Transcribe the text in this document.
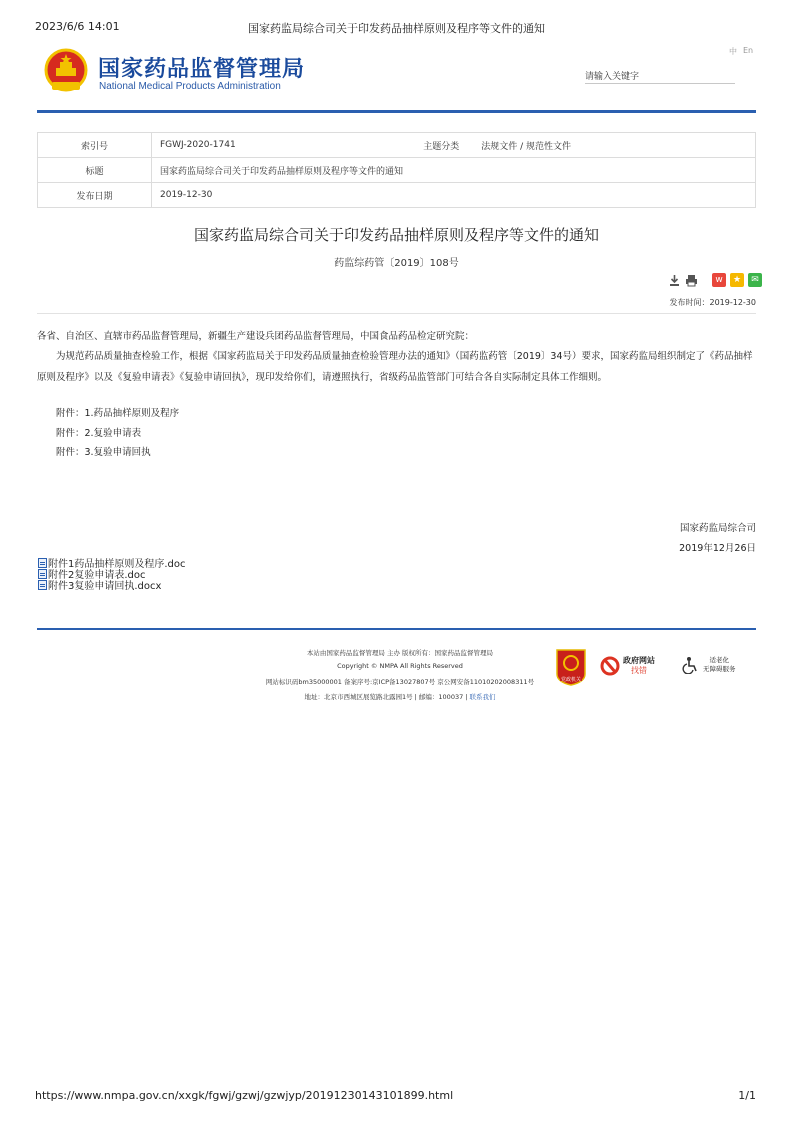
2023/6/6 14:01	国家药监局综合司关于印发药品抽样原则及程序等文件的通知
国家药品监督管理局
National Medical Products Administration
中 En
请输入关键字
索引号	FGWJ-2020-1741	主题分类	法规文件 / 规范性文件
标题	国家药监局综合司关于印发药品抽样原则及程序等文件的通知		
发布日期	2019-12-30		
国家药监局综合司关于印发药品抽样原则及程序等文件的通知
药监综药管〔2019〕108号
w	★	✉
发布时间：2019-12-30
各省、自治区、直辖市药品监督管理局，新疆生产建设兵团药品监督管理局，中国食品药品检定研究院：
为规范药品质量抽查检验工作，根据《国家药监局关于印发药品质量抽查检验管理办法的通知》（国药监药管〔2019〕34号）要求，国家药监局组织制定了《药品抽样原则及程序》以及《复验申请表》《复验申请回执》，现印发给你们，请遵照执行，省级药品监管部门可结合各自实际制定具体工作细则。
附件：1.药品抽样原则及程序
附件：2.复验申请表
附件：3.复验申请回执
国家药监局综合司
2019年12月26日
附件1药品抽样原则及程序.doc
附件2复验申请表.doc
附件3复验申请回执.docx
本站由国家药品监督管理局 主办 版权所有：国家药品监督管理局
Copyright © NMPA All Rights Reserved
网站标识码bm35000001 备案序号:京ICP备13027807号 京公网安备11010202008311号
地址：北京市西城区展览路北露园1号 | 邮编：100037 | 联系我们
党政机关
政府网站
找错
适老化
无障碍服务
https://www.nmpa.gov.cn/xxgk/fgwj/gzwj/gzwjyp/20191230143101899.html	1/1
